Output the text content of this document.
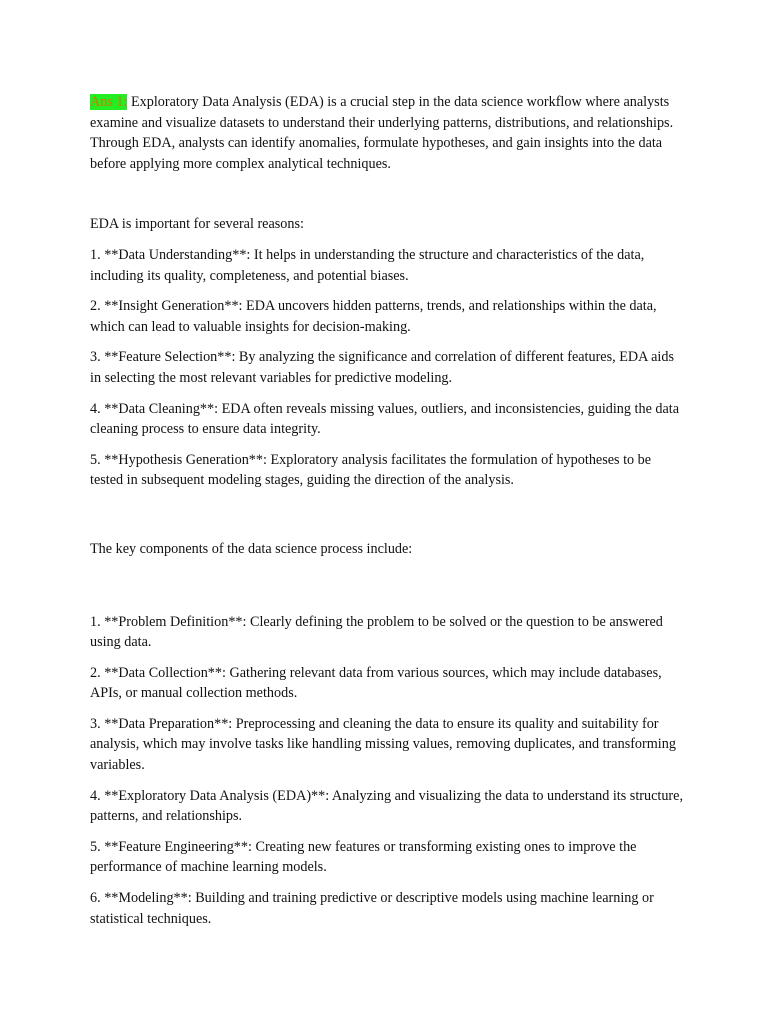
Ans 1: Exploratory Data Analysis (EDA) is a crucial step in the data science workflow where analysts examine and visualize datasets to understand their underlying patterns, distributions, and relationships. Through EDA, analysts can identify anomalies, formulate hypotheses, and gain insights into the data before applying more complex analytical techniques.

EDA is important for several reasons:

1. **Data Understanding**: It helps in understanding the structure and characteristics of the data, including its quality, completeness, and potential biases.

2. **Insight Generation**: EDA uncovers hidden patterns, trends, and relationships within the data, which can lead to valuable insights for decision-making.

3. **Feature Selection**: By analyzing the significance and correlation of different features, EDA aids in selecting the most relevant variables for predictive modeling.

4. **Data Cleaning**: EDA often reveals missing values, outliers, and inconsistencies, guiding the data cleaning process to ensure data integrity.

5. **Hypothesis Generation**: Exploratory analysis facilitates the formulation of hypotheses to be tested in subsequent modeling stages, guiding the direction of the analysis.

The key components of the data science process include:

1. **Problem Definition**: Clearly defining the problem to be solved or the question to be answered using data.

2. **Data Collection**: Gathering relevant data from various sources, which may include databases, APIs, or manual collection methods.

3. **Data Preparation**: Preprocessing and cleaning the data to ensure its quality and suitability for analysis, which may involve tasks like handling missing values, removing duplicates, and transforming variables.

4. **Exploratory Data Analysis (EDA)**: Analyzing and visualizing the data to understand its structure, patterns, and relationships.

5. **Feature Engineering**: Creating new features or transforming existing ones to improve the performance of machine learning models.

6. **Modeling**: Building and training predictive or descriptive models using machine learning or statistical techniques.
